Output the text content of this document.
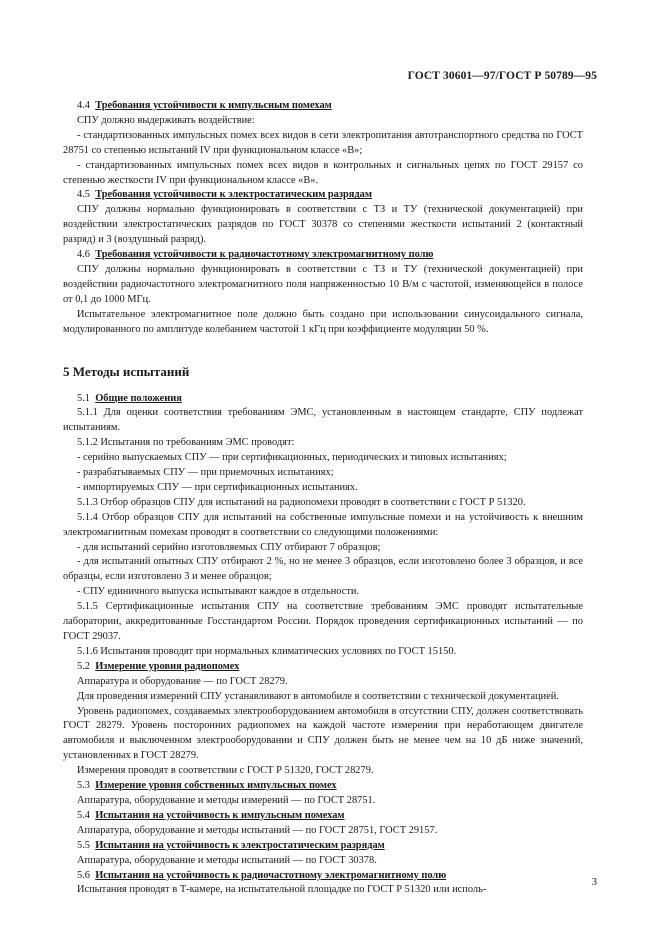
ГОСТ 30601—97/ГОСТ Р 50789—95

4.4 Требования устойчивости к импульсным помехам

СПУ должно выдерживать воздействие:

- стандартизованных импульсных помех всех видов в сети электропитания автотранспортного средства по ГОСТ 28751 со степенью испытаний IV при функциональном классе «В»;

- стандартизованных импульсных помех всех видов в контрольных и сигнальных цепях по ГОСТ 29157 со степенью жесткости IV при функциональном классе «В».

4.5 Требования устойчивости к электростатическим разрядам

СПУ должны нормально функционировать в соответствии с ТЗ и ТУ (технической документацией) при воздействии электростатических разрядов по ГОСТ 30378 со степенями жесткости испытаний 2 (контактный разряд) и 3 (воздушный разряд).

4.6 Требования устойчивости к радиочастотному электромагнитному полю

СПУ должны нормально функционировать в соответствии с ТЗ и ТУ (технической документацией) при воздействии радиочастотного электромагнитного поля напряженностью 10 В/м с частотой, изменяющейся в полосе от 0,1 до 1000 МГц.

Испытательное электромагнитное поле должно быть создано при использовании синусоидального сигнала, модулированного по амплитуде колебанием частотой 1 кГц при коэффициенте модуляции 50 %.

5 Методы испытаний

5.1 Общие положения

5.1.1 Для оценки соответствия требованиям ЭМС, установленным в настоящем стандарте, СПУ подлежат испытаниям.

5.1.2 Испытания по требованиям ЭМС проводят:

- серийно выпускаемых СПУ — при сертификационных, периодических и типовых испытаниях;

- разрабатываемых СПУ — при приемочных испытаниях;

- импортируемых СПУ — при сертификационных испытаниях.

5.1.3 Отбор образцов СПУ для испытаний на радиопомехи проводят в соответствии с ГОСТ Р 51320.

5.1.4 Отбор образцов СПУ для испытаний на собственные импульсные помехи и на устойчивость к внешним электромагнитным помехам проводят в соответствии со следующими положениями:

- для испытаний серийно изготовляемых СПУ отбирают 7 образцов;

- для испытаний опытных СПУ отбирают 2 %, но не менее 3 образцов, если изготовлено более 3 образцов, и все образцы, если изготовлено 3 и менее образцов;

- СПУ единичного выпуска испытывают каждое в отдельности.

5.1.5 Сертификационные испытания СПУ на соответствие требованиям ЭМС проводят испытательные лаборатории, аккредитованные Госстандартом России. Порядок проведения сертификационных испытаний — по ГОСТ 29037.

5.1.6 Испытания проводят при нормальных климатических условиях по ГОСТ 15150.

5.2 Измерение уровня радиопомех

Аппаратура и оборудование — по ГОСТ 28279.

Для проведения измерений СПУ устанавливают в автомобиле в соответствии с технической документацией.

Уровень радиопомех, создаваемых электрооборудованием автомобиля в отсутствии СПУ, должен соответствовать ГОСТ 28279. Уровень посторонних радиопомех на каждой частоте измерения при неработающем двигателе автомобиля и выключенном электрооборудовании и СПУ должен быть не менее чем на 10 дБ ниже значений, установленных в ГОСТ 28279.

Измерения проводят в соответствии с ГОСТ Р 51320, ГОСТ 28279.

5.3 Измерение уровня собственных импульсных помех

Аппаратура, оборудование и методы измерений — по ГОСТ 28751.

5.4 Испытания на устойчивость к импульсным помехам

Аппаратура, оборудование и методы испытаний — по ГОСТ 28751, ГОСТ 29157.

5.5 Испытания на устойчивость к электростатическим разрядам

Аппаратура, оборудование и методы испытаний — по ГОСТ 30378.

5.6 Испытания на устойчивость к радиочастотному электромагнитному полю

Испытания проводят в Т-камере, на испытательной площадке по ГОСТ Р 51320 или исполь-

3
